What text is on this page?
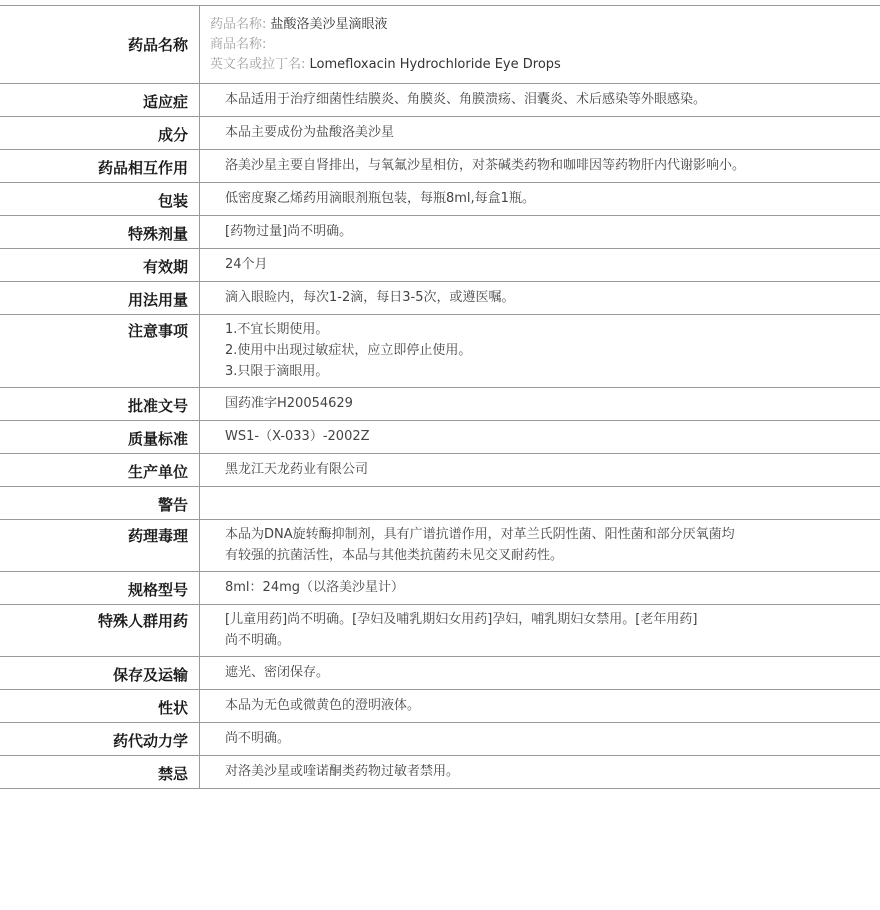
药品名称
药品名称: 盐酸洛美沙星滴眼液
商品名称:
英文名或拉丁名: Lomefloxacin Hydrochloride Eye Drops
适应症	本品适用于治疗细菌性结膜炎、角膜炎、角膜溃疡、泪囊炎、术后感染等外眼感染。
成分	本品主要成份为盐酸洛美沙星
药品相互作用	洛美沙星主要自肾排出，与氧氟沙星相仿，对茶碱类药物和咖啡因等药物肝内代谢影响小。
包装	低密度聚乙烯药用滴眼剂瓶包装，每瓶8ml,每盒1瓶。
特殊剂量	[药物过量]尚不明确。
有效期	24个月
用法用量	滴入眼睑内，每次1-2滴，每日3-5次，或遵医嘱。
注意事项	1.不宜长期使用。
2.使用中出现过敏症状，应立即停止使用。
3.只限于滴眼用。
批准文号	国药准字H20054629
质量标准	WS1-（X-033）-2002Z
生产单位	黑龙江天龙药业有限公司
警告
药理毒理	本品为DNA旋转酶抑制剂，具有广谱抗谱作用，对革兰氏阴性菌、阳性菌和部分厌氧菌均
有较强的抗菌活性，本品与其他类抗菌药未见交叉耐药性。
规格型号	8ml：24mg（以洛美沙星计）
特殊人群用药	[儿童用药]尚不明确。[孕妇及哺乳期妇女用药]孕妇，哺乳期妇女禁用。[老年用药]
尚不明确。
保存及运输	遮光、密闭保存。
性状	本品为无色或微黄色的澄明液体。
药代动力学	尚不明确。
禁忌	对洛美沙星或喹诺酮类药物过敏者禁用。
